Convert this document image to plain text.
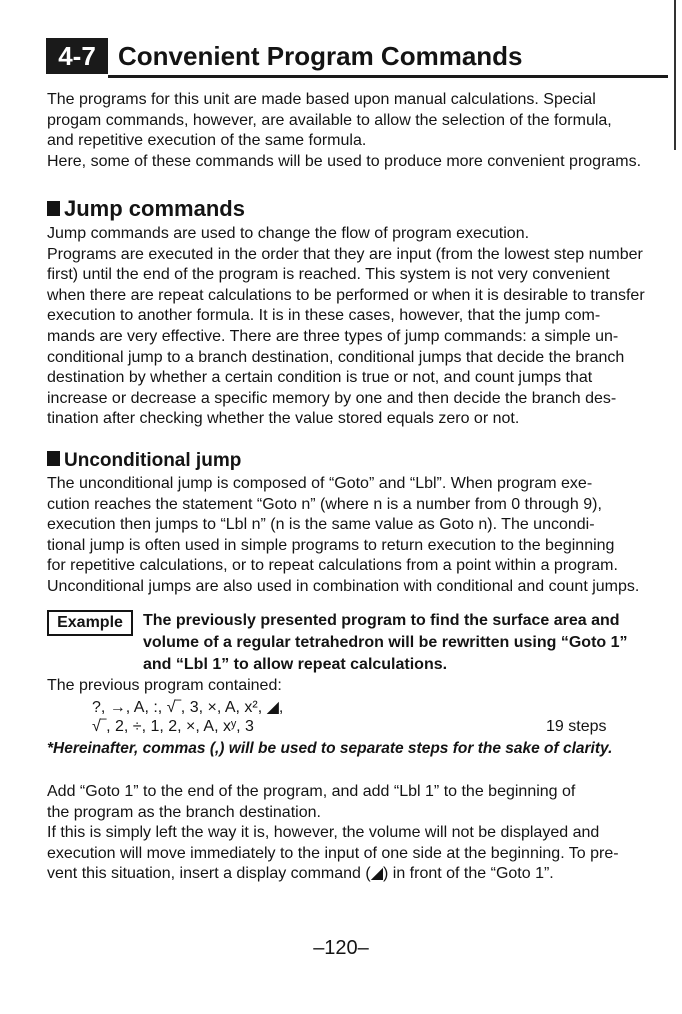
4-7 Convenient Program Commands
The programs for this unit are made based upon manual calculations. Special
progam commands, however, are available to allow the selection of the formula,
and repetitive execution of the same formula.
Here, some of these commands will be used to produce more convenient programs.
Jump commands
Jump commands are used to change the flow of program execution.
Programs are executed in the order that they are input (from the lowest step number
first) until the end of the program is reached. This system is not very convenient
when there are repeat calculations to be performed or when it is desirable to transfer
execution to another formula. It is in these cases, however, that the jump com-
mands are very effective. There are three types of jump commands: a simple un-
conditional jump to a branch destination, conditional jumps that decide the branch
destination by whether a certain condition is true or not, and count jumps that
increase or decrease a specific memory by one and then decide the branch des-
tination after checking whether the value stored equals zero or not.
Unconditional jump
The unconditional jump is composed of “Goto” and “Lbl”. When program exe-
cution reaches the statement “Goto n” (where n is a number from 0 through 9),
execution then jumps to “Lbl n” (n is the same value as Goto n). The uncondi-
tional jump is often used in simple programs to return execution to the beginning
for repetitive calculations, or to repeat calculations from a point within a program.
Unconditional jumps are also used in combination with conditional and count jumps.
Example	The previously presented program to find the surface area and
volume of a regular tetrahedron will be rewritten using “Goto 1”
and “Lbl 1” to allow repeat calculations.
The previous program contained:
?, →, A, :, √‾, 3, ×, A, x², ◢,
√‾, 2, ÷, 1, 2, ×, A, xʸ, 3	19 steps
*Hereinafter, commas (,) will be used to separate steps for the sake of clarity.
Add “Goto 1” to the end of the program, and add “Lbl 1” to the beginning of
the program as the branch destination.
If this is simply left the way it is, however, the volume will not be displayed and
execution will move immediately to the input of one side at the beginning. To pre-
vent this situation, insert a display command (◢) in front of the “Goto 1”.
–120–
